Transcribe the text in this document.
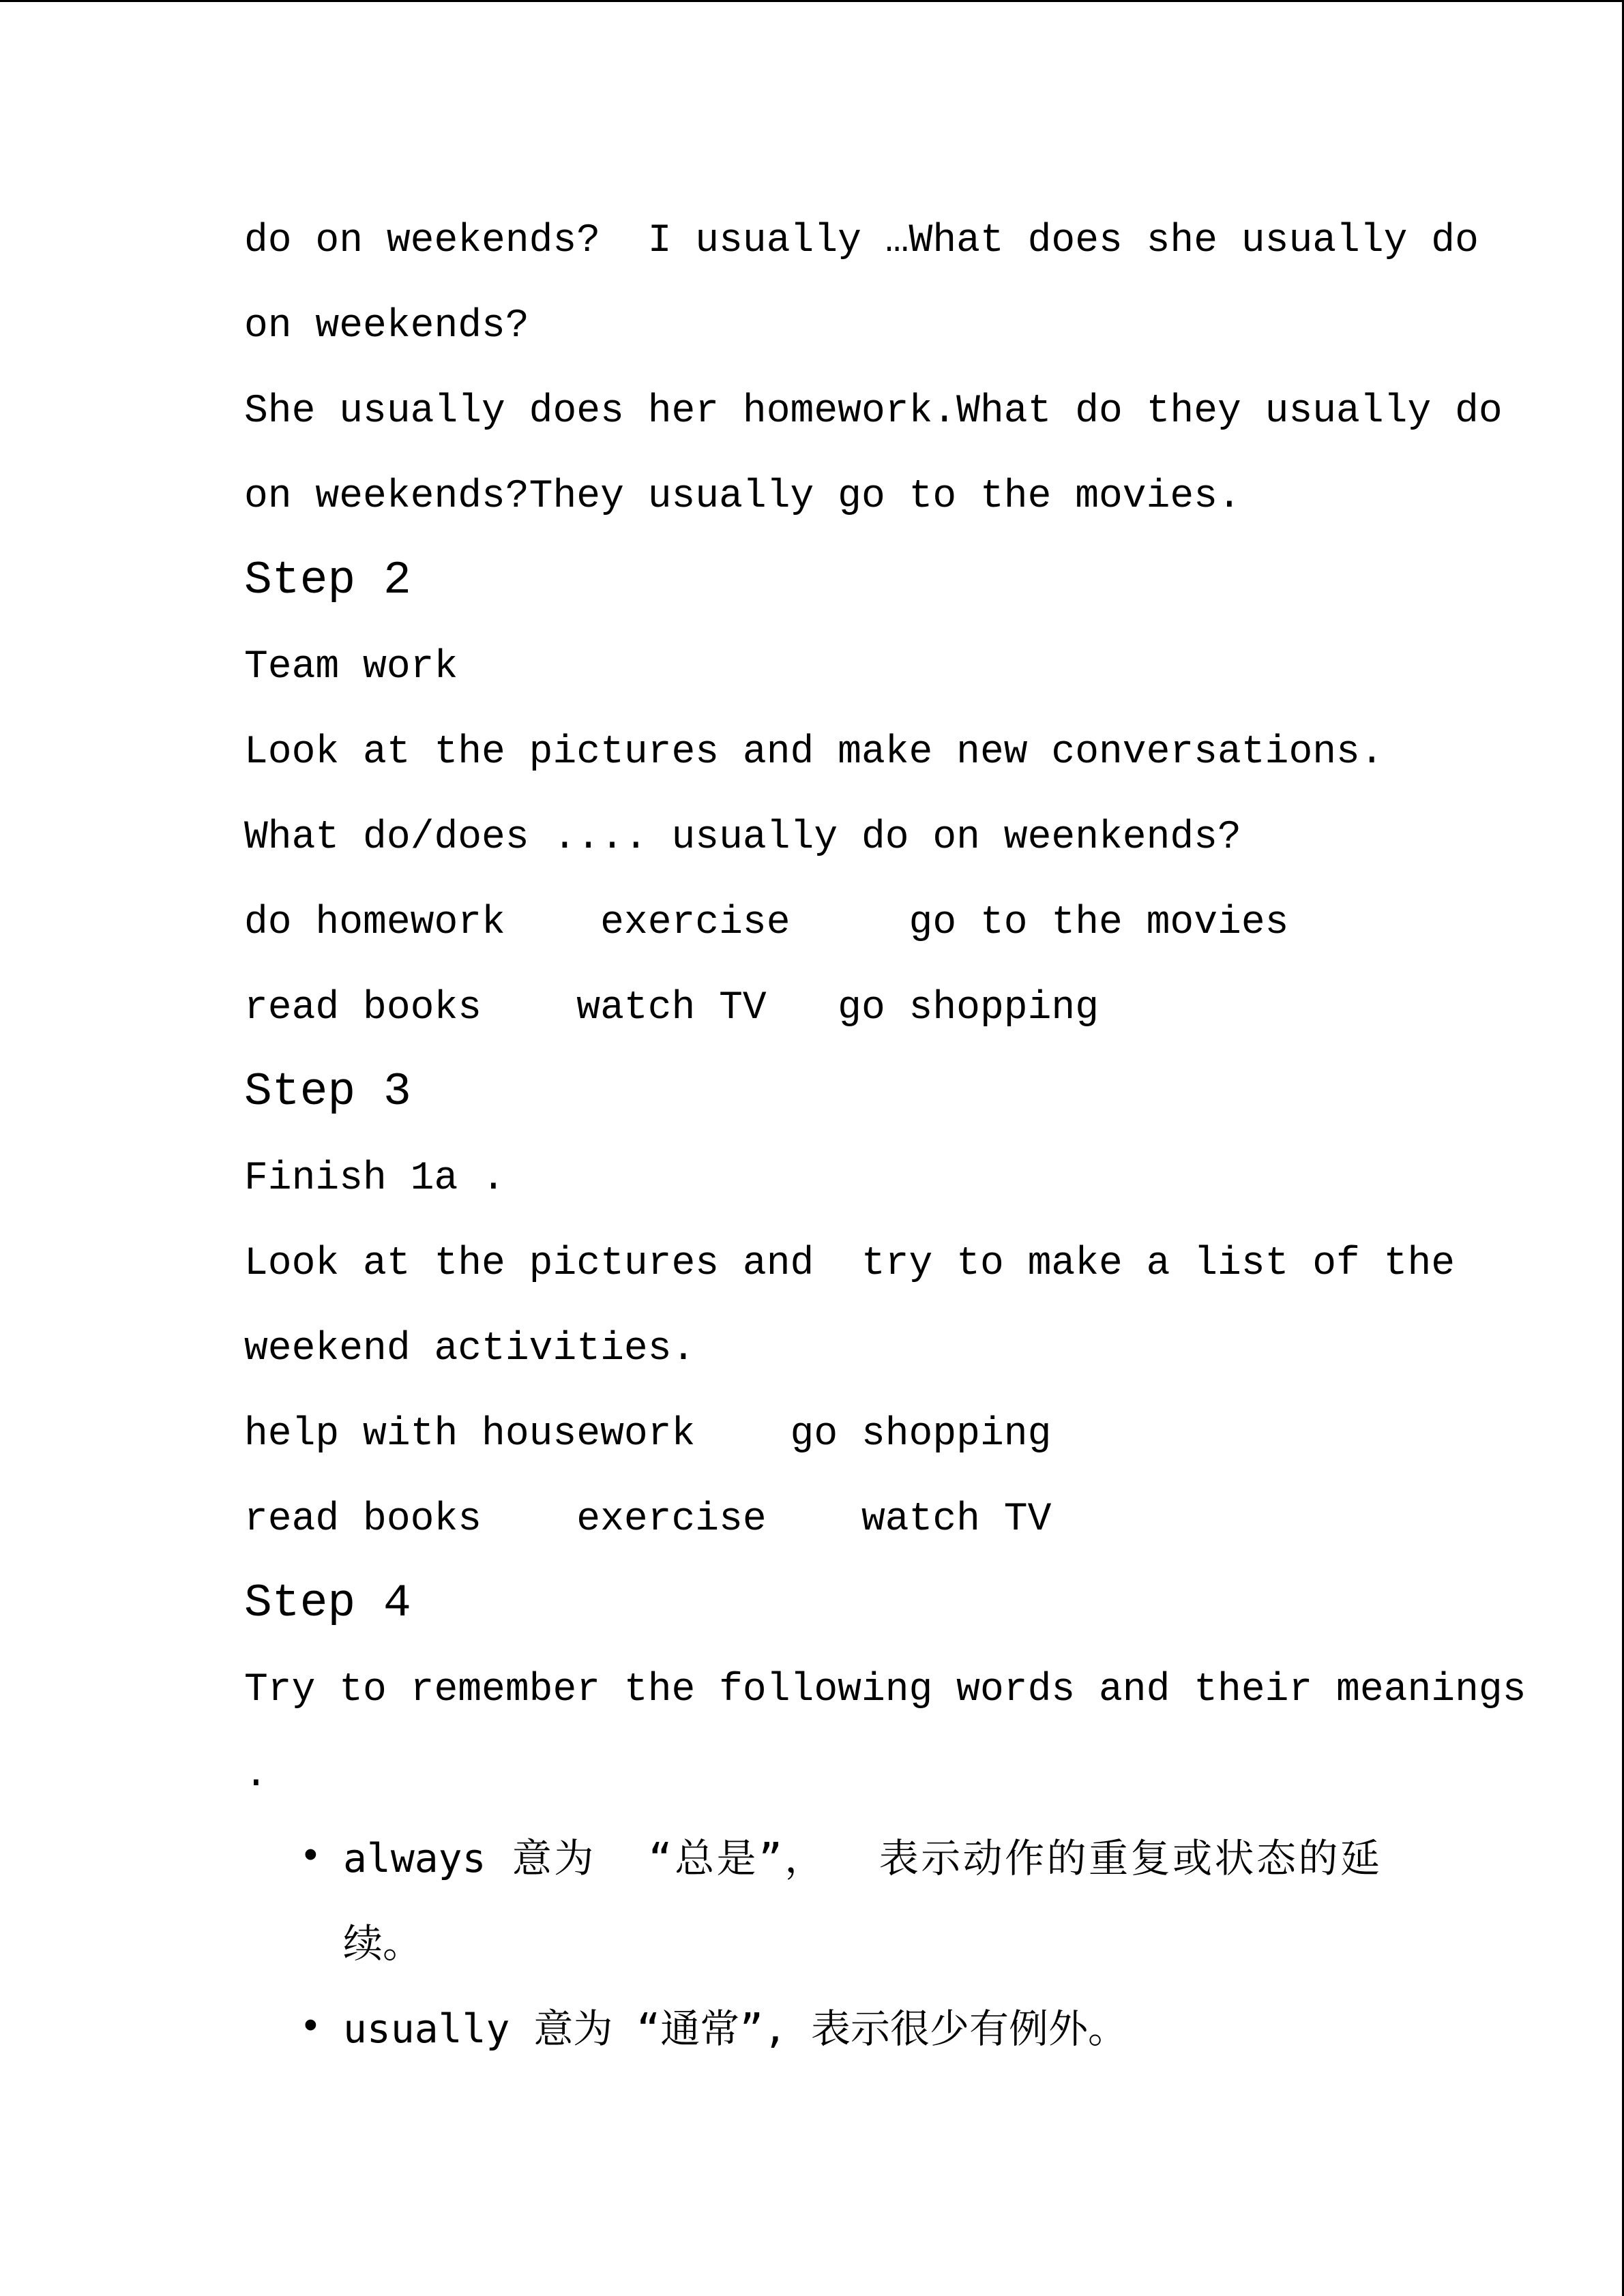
do on weekends?  I usually …What does she usually do
on weekends?
She usually does her homework.What do they usually do
on weekends?They usually go to the movies.
Step 2
Team work
Look at the pictures and make new conversations.
What do/does .... usually do on weenkends?
do homework    exercise     go to the movies
read books    watch TV   go shopping
Step 3
Finish 1a .
Look at the pictures and  try to make a list of the
weekend activities.
help with housework    go shopping
read books    exercise    watch TV
Step 4
Try to remember the following words and their meanings
.
• always 意为  “总是”，  表示动作的重复或状态的延
续。
• usually 意为 “通常”, 表示很少有例外。
